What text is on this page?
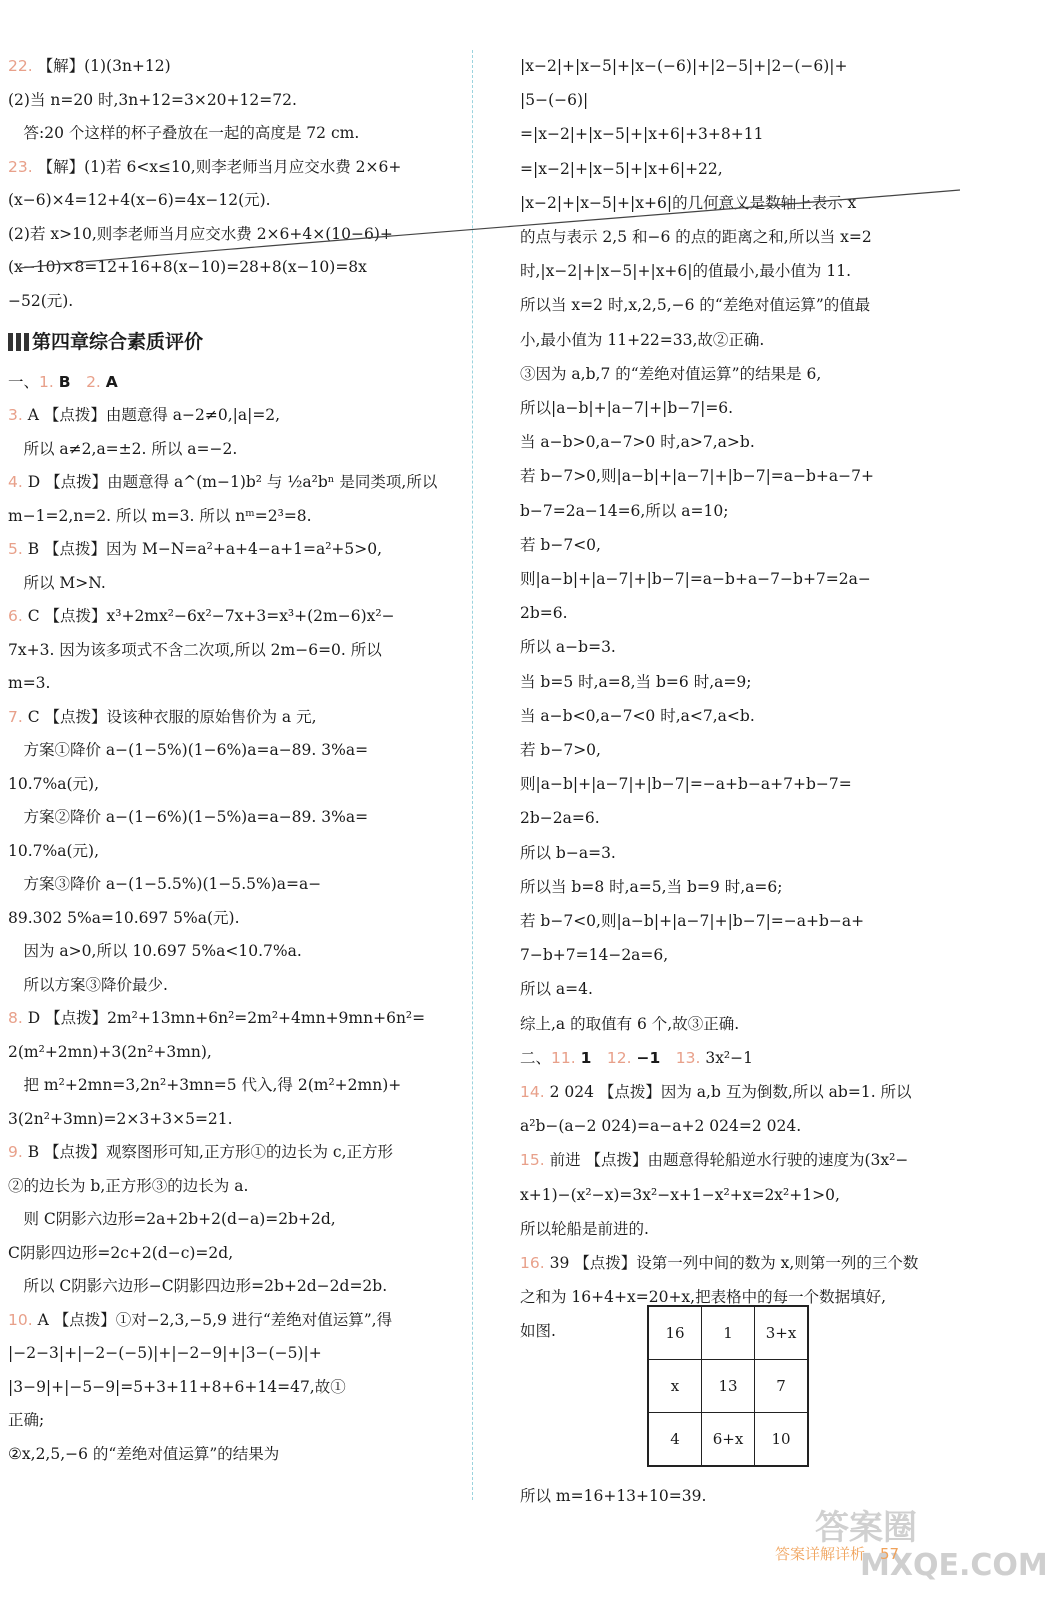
22. 【解】(1)(3n+12)
(2)当 n=20 时,3n+12=3×20+12=72.
　答:20 个这样的杯子叠放在一起的高度是 72 cm.
23. 【解】(1)若 6<x≤10,则李老师当月应交水费 2×6+
(x−6)×4=12+4(x−6)=4x−12(元).
(2)若 x>10,则李老师当月应交水费 2×6+4×(10−6)+
(x−10)×8=12+16+8(x−10)=28+8(x−10)=8x
−52(元).
第四章综合素质评价
一、1. B　2. A
3. A 【点拨】由题意得 a−2≠0,|a|=2,
　所以 a≠2,a=±2. 所以 a=−2.
4. D 【点拨】由题意得 a^(m−1)b² 与 ½a²bⁿ 是同类项,所以
m−1=2,n=2. 所以 m=3. 所以 nᵐ=2³=8.
5. B 【点拨】因为 M−N=a²+a+4−a+1=a²+5>0,
　所以 M>N.
6. C 【点拨】x³+2mx²−6x²−7x+3=x³+(2m−6)x²−
7x+3. 因为该多项式不含二次项,所以 2m−6=0. 所以
m=3.
7. C 【点拨】设该种衣服的原始售价为 a 元,
　方案①降价 a−(1−5%)(1−6%)a=a−89. 3%a=
10.7%a(元),
　方案②降价 a−(1−6%)(1−5%)a=a−89. 3%a=
10.7%a(元),
　方案③降价 a−(1−5.5%)(1−5.5%)a=a−
89.302 5%a=10.697 5%a(元).
　因为 a>0,所以 10.697 5%a<10.7%a.
　所以方案③降价最少.
8. D 【点拨】2m²+13mn+6n²=2m²+4mn+9mn+6n²=
2(m²+2mn)+3(2n²+3mn),
　把 m²+2mn=3,2n²+3mn=5 代入,得 2(m²+2mn)+
3(2n²+3mn)=2×3+3×5=21.
9. B 【点拨】观察图形可知,正方形①的边长为 c,正方形
②的边长为 b,正方形③的边长为 a.
　则 C阴影六边形=2a+2b+2(d−a)=2b+2d,
C阴影四边形=2c+2(d−c)=2d,
　所以 C阴影六边形−C阴影四边形=2b+2d−2d=2b.
10. A 【点拨】①对−2,3,−5,9 进行“差绝对值运算”,得
|−2−3|+|−2−(−5)|+|−2−9|+|3−(−5)|+
|3−9|+|−5−9|=5+3+11+8+6+14=47,故①
正确;
②x,2,5,−6 的“差绝对值运算”的结果为
|x−2|+|x−5|+|x−(−6)|+|2−5|+|2−(−6)|+
|5−(−6)|
=|x−2|+|x−5|+|x+6|+3+8+11
=|x−2|+|x−5|+|x+6|+22,
|x−2|+|x−5|+|x+6|的几何意义是数轴上表示 x
的点与表示 2,5 和−6 的点的距离之和,所以当 x=2
时,|x−2|+|x−5|+|x+6|的值最小,最小值为 11.
所以当 x=2 时,x,2,5,−6 的“差绝对值运算”的值最
小,最小值为 11+22=33,故②正确.
③因为 a,b,7 的“差绝对值运算”的结果是 6,
所以|a−b|+|a−7|+|b−7|=6.
当 a−b>0,a−7>0 时,a>7,a>b.
若 b−7>0,则|a−b|+|a−7|+|b−7|=a−b+a−7+
b−7=2a−14=6,所以 a=10;
若 b−7<0,
则|a−b|+|a−7|+|b−7|=a−b+a−7−b+7=2a−
2b=6.
所以 a−b=3.
当 b=5 时,a=8,当 b=6 时,a=9;
当 a−b<0,a−7<0 时,a<7,a<b.
若 b−7>0,
则|a−b|+|a−7|+|b−7|=−a+b−a+7+b−7=
2b−2a=6.
所以 b−a=3.
所以当 b=8 时,a=5,当 b=9 时,a=6;
若 b−7<0,则|a−b|+|a−7|+|b−7|=−a+b−a+
7−b+7=14−2a=6,
所以 a=4.
综上,a 的取值有 6 个,故③正确.
二、11. 1　12. −1　13. 3x²−1
14. 2 024 【点拨】因为 a,b 互为倒数,所以 ab=1. 所以
a²b−(a−2 024)=a−a+2 024=2 024.
15. 前进 【点拨】由题意得轮船逆水行驶的速度为(3x²−
x+1)−(x²−x)=3x²−x+1−x²+x=2x²+1>0,
所以轮船是前进的.
16. 39 【点拨】设第一列中间的数为 x,则第一列的三个数
之和为 16+4+x=20+x,把表格中的每一个数据填好,
如图.
所以 m=16+13+10=39.
16	1	3+x
x	13	7
4	6+x	10
答案圈
MXQE.COM
答案详解详析　57
